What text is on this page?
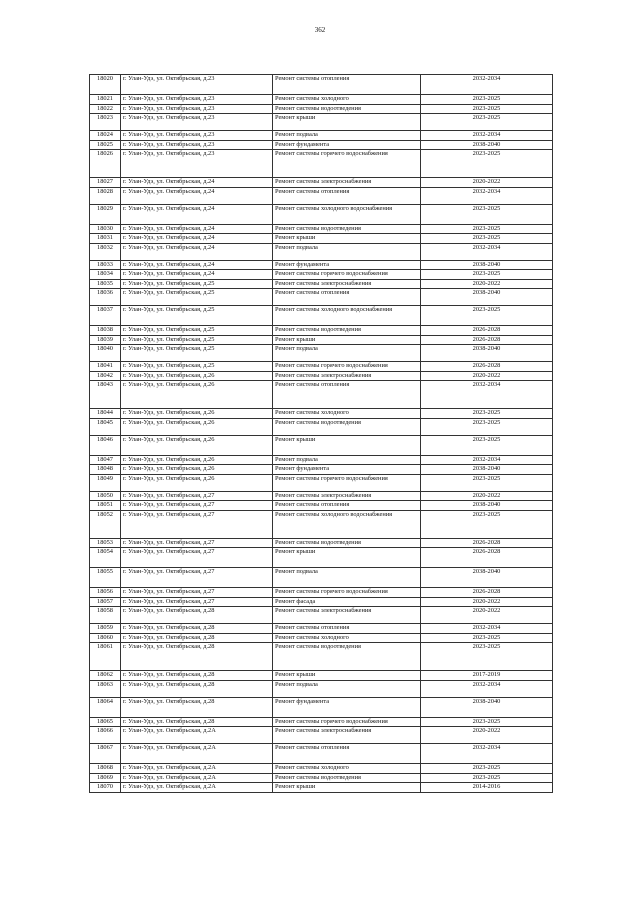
362
18020	г. Улан-Удэ, ул. Октябрьская, д.23	Ремонт системы отопления	2032-2034
18021	г. Улан-Удэ, ул. Октябрьская, д.23	Ремонт системы холодного	2023-2025
18022	г. Улан-Удэ, ул. Октябрьская, д.23	Ремонт системы водоотведения	2023-2025
18023	г. Улан-Удэ, ул. Октябрьская, д.23	Ремонт крыши	2023-2025
18024	г. Улан-Удэ, ул. Октябрьская, д.23	Ремонт подвала	2032-2034
18025	г. Улан-Удэ, ул. Октябрьская, д.23	Ремонт фундамента	2038-2040
18026	г. Улан-Удэ, ул. Октябрьская, д.23	Ремонт системы горячего водоснабжения	2023-2025
18027	г. Улан-Удэ, ул. Октябрьская, д.24	Ремонт системы электроснабжения	2020-2022
18028	г. Улан-Удэ, ул. Октябрьская, д.24	Ремонт системы отопления	2032-2034
18029	г. Улан-Удэ, ул. Октябрьская, д.24	Ремонт системы холодного водоснабжения	2023-2025
18030	г. Улан-Удэ, ул. Октябрьская, д.24	Ремонт системы водоотведения	2023-2025
18031	г. Улан-Удэ, ул. Октябрьская, д.24	Ремонт крыши	2023-2025
18032	г. Улан-Удэ, ул. Октябрьская, д.24	Ремонт подвала	2032-2034
18033	г. Улан-Удэ, ул. Октябрьская, д.24	Ремонт фундамента	2038-2040
18034	г. Улан-Удэ, ул. Октябрьская, д.24	Ремонт системы горячего водоснабжения	2023-2025
18035	г. Улан-Удэ, ул. Октябрьская, д.25	Ремонт системы электроснабжения	2020-2022
18036	г. Улан-Удэ, ул. Октябрьская, д.25	Ремонт системы отопления	2038-2040
18037	г. Улан-Удэ, ул. Октябрьская, д.25	Ремонт системы холодного водоснабжения	2023-2025
18038	г. Улан-Удэ, ул. Октябрьская, д.25	Ремонт системы водоотведения	2026-2028
18039	г. Улан-Удэ, ул. Октябрьская, д.25	Ремонт крыши	2026-2028
18040	г. Улан-Удэ, ул. Октябрьская, д.25	Ремонт подвала	2038-2040
18041	г. Улан-Удэ, ул. Октябрьская, д.25	Ремонт системы горячего водоснабжения	2026-2028
18042	г. Улан-Удэ, ул. Октябрьская, д.26	Ремонт системы электроснабжения	2020-2022
18043	г. Улан-Удэ, ул. Октябрьская, д.26	Ремонт системы отопления	2032-2034
18044	г. Улан-Удэ, ул. Октябрьская, д.26	Ремонт системы холодного	2023-2025
18045	г. Улан-Удэ, ул. Октябрьская, д.26	Ремонт системы водоотведения	2023-2025
18046	г. Улан-Удэ, ул. Октябрьская, д.26	Ремонт крыши	2023-2025
18047	г. Улан-Удэ, ул. Октябрьская, д.26	Ремонт подвала	2032-2034
18048	г. Улан-Удэ, ул. Октябрьская, д.26	Ремонт фундамента	2038-2040
18049	г. Улан-Удэ, ул. Октябрьская, д.26	Ремонт системы горячего водоснабжения	2023-2025
18050	г. Улан-Удэ, ул. Октябрьская, д.27	Ремонт системы электроснабжения	2020-2022
18051	г. Улан-Удэ, ул. Октябрьская, д.27	Ремонт системы отопления	2038-2040
18052	г. Улан-Удэ, ул. Октябрьская, д.27	Ремонт системы холодного водоснабжения	2023-2025
18053	г. Улан-Удэ, ул. Октябрьская, д.27	Ремонт системы водоотведения	2026-2028
18054	г. Улан-Удэ, ул. Октябрьская, д.27	Ремонт крыши	2026-2028
18055	г. Улан-Удэ, ул. Октябрьская, д.27	Ремонт подвала	2038-2040
18056	г. Улан-Удэ, ул. Октябрьская, д.27	Ремонт системы горячего водоснабжения	2026-2028
18057	г. Улан-Удэ, ул. Октябрьская, д.27	Ремонт фасада	2020-2022
18058	г. Улан-Удэ, ул. Октябрьская, д.28	Ремонт системы электроснабжения	2020-2022
18059	г. Улан-Удэ, ул. Октябрьская, д.28	Ремонт системы отопления	2032-2034
18060	г. Улан-Удэ, ул. Октябрьская, д.28	Ремонт системы холодного	2023-2025
18061	г. Улан-Удэ, ул. Октябрьская, д.28	Ремонт системы водоотведения	2023-2025
18062	г. Улан-Удэ, ул. Октябрьская, д.28	Ремонт крыши	2017-2019
18063	г. Улан-Удэ, ул. Октябрьская, д.28	Ремонт подвала	2032-2034
18064	г. Улан-Удэ, ул. Октябрьская, д.28	Ремонт фундамента	2038-2040
18065	г. Улан-Удэ, ул. Октябрьская, д.28	Ремонт системы горячего водоснабжения	2023-2025
18066	г. Улан-Удэ, ул. Октябрьская, д.2А	Ремонт системы электроснабжения	2020-2022
18067	г. Улан-Удэ, ул. Октябрьская, д.2А	Ремонт системы отопления	2032-2034
18068	г. Улан-Удэ, ул. Октябрьская, д.2А	Ремонт системы холодного	2023-2025
18069	г. Улан-Удэ, ул. Октябрьская, д.2А	Ремонт системы водоотведения	2023-2025
18070	г. Улан-Удэ, ул. Октябрьская, д.2А	Ремонт крыши	2014-2016
